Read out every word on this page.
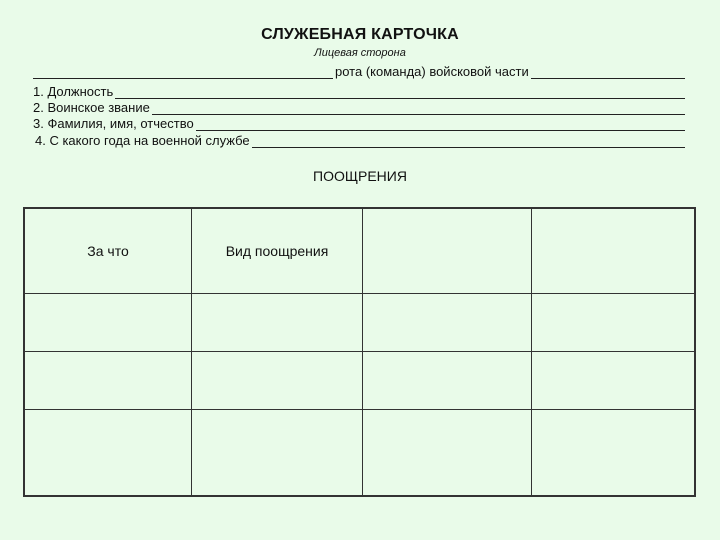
СЛУЖЕБНАЯ КАРТОЧКА
Лицевая сторона
рота (команда) войсковой части
1. Должность
2. Воинское звание
3. Фамилия, имя, отчество
4. С какого года на военной службе
ПООЩРЕНИЯ
За что	Вид поощрения		
